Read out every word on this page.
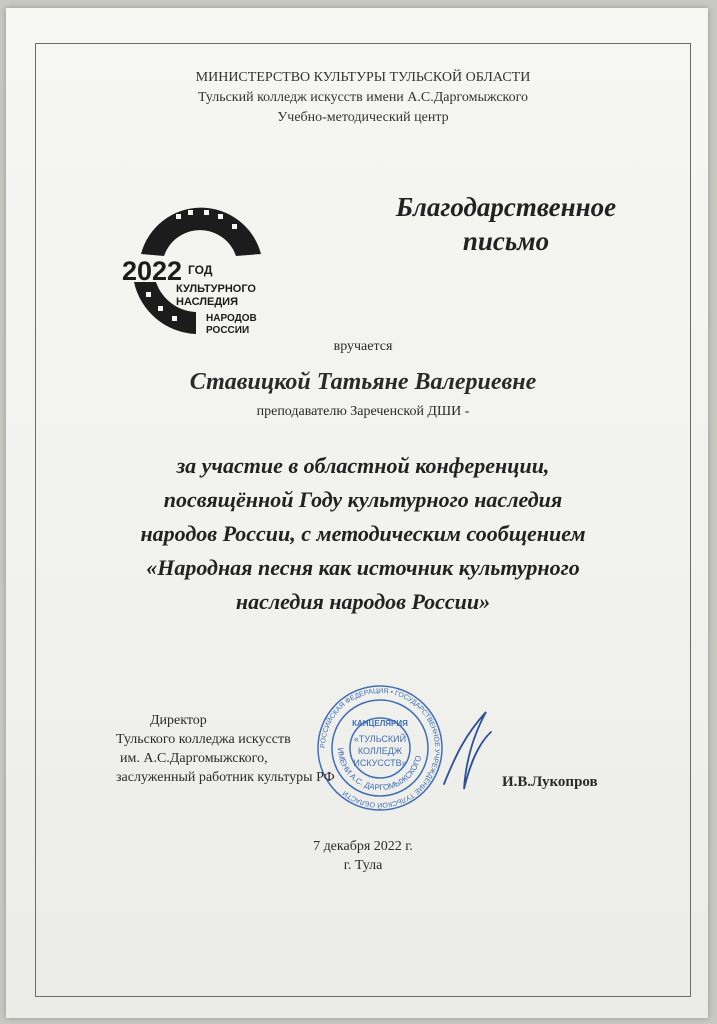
МИНИСТЕРСТВО КУЛЬТУРЫ ТУЛЬСКОЙ ОБЛАСТИ
Тульский колледж искусств имени А.С.Даргомыжского
Учебно-методический центр
2022 ГОД
КУЛЬТУРНОГО
НАСЛЕДИЯ
НАРОДОВ
РОССИИ
Благодарственное
письмо
вручается
Ставицкой Татьяне Валериевне
преподавателю Зареченской ДШИ -
за участие в областной конференции,
посвящённой Году культурного наследия
народов России, с методическим сообщением
«Народная песня как источник культурного
наследия народов России»
РОССИЙСКАЯ ФЕДЕРАЦИЯ • ГОСУДАРСТВЕННОЕ УЧРЕЖДЕНИЕ ТУЛЬСКОЙ ОБЛАСТИ
ИМЕНИ А.С. ДАРГОМЫЖСКОГО
КАНЦЕЛЯРИЯ
«ТУЛЬСКИЙ
КОЛЛЕДЖ
ИСКУССТВ»
Директор
Тульского колледжа искусств
им. А.С.Даргомыжского,
заслуженный работник культуры РФ	И.В.Лукопров
7 декабря 2022 г.
г. Тула
